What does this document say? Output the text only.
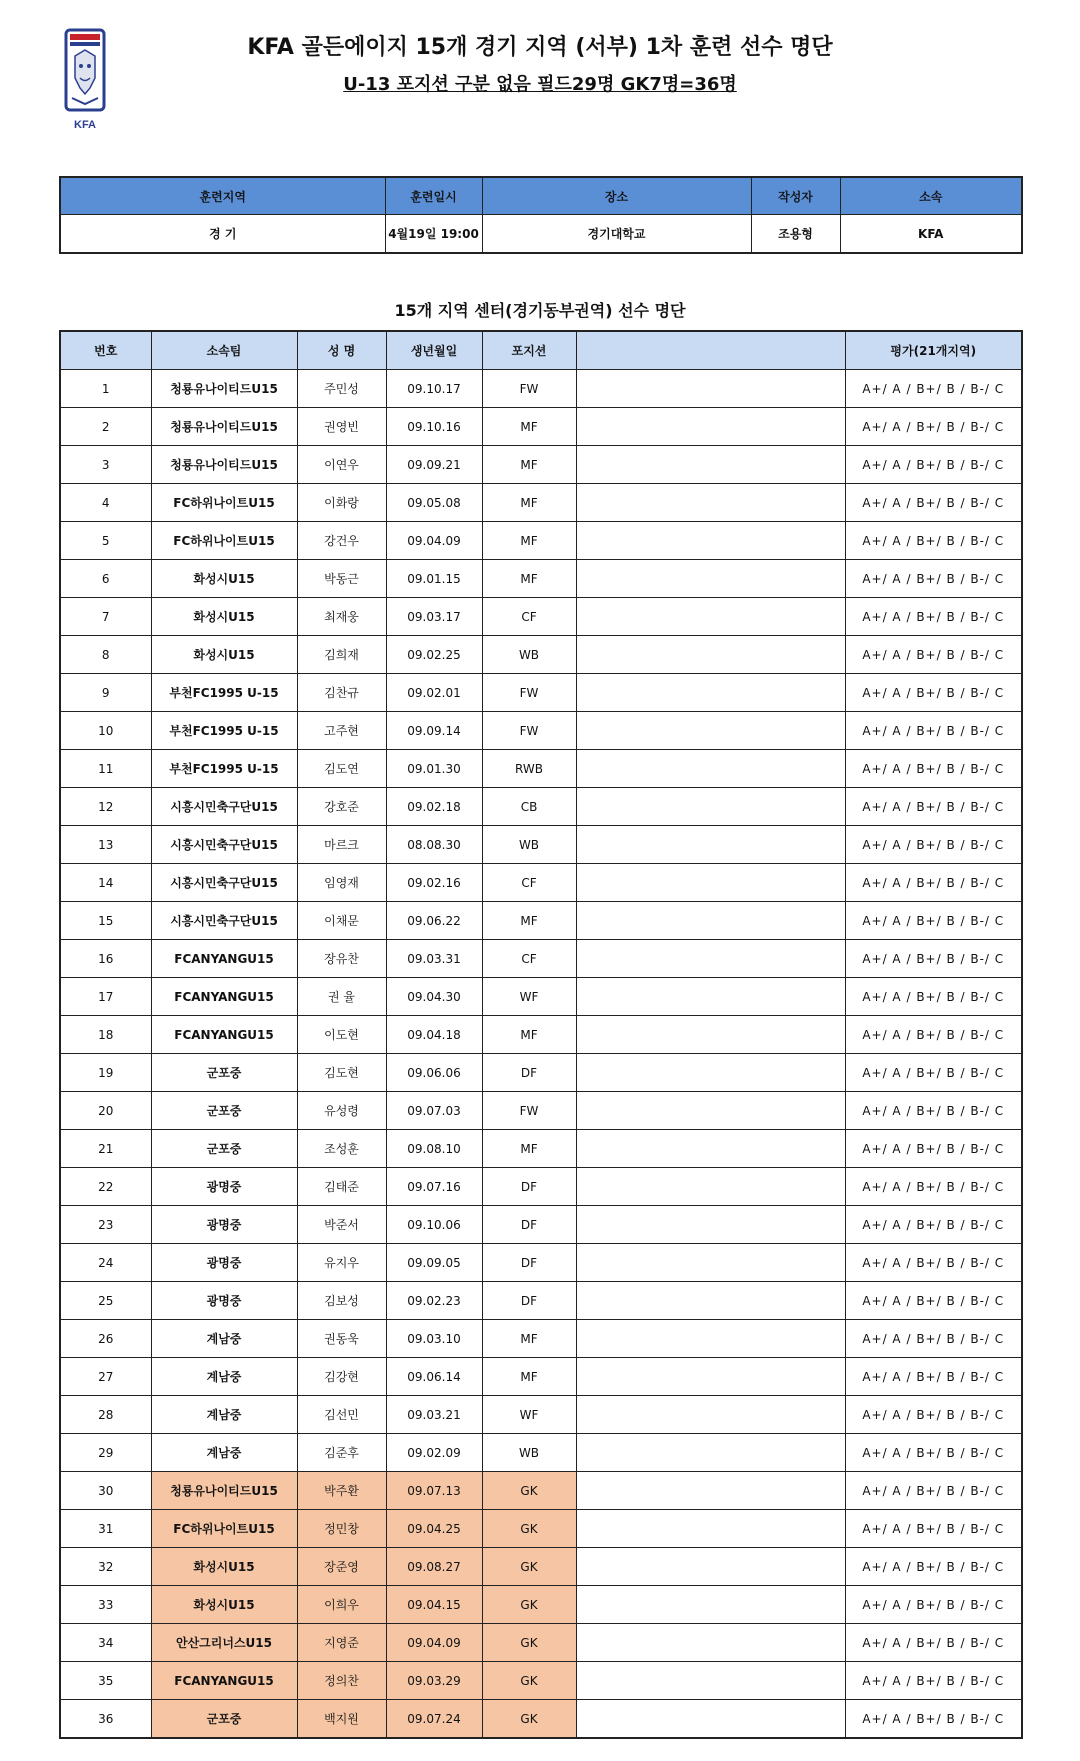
KFA
KFA 골든에이지 15개 경기 지역 (서부) 1차 훈련 선수 명단
U-13 포지션 구분 없음 필드29명 GK7명=36명
훈련지역	훈련일시	장소	작성자	소속
경 기	4월19일 19:00	경기대학교	조용형	KFA
15개 지역 센터(경기동부권역) 선수 명단
번호	소속팀	성 명	생년월일	포지션		평가(21개지역)
1	청룡유나이티드U15	주민성	09.10.17	FW		A+/ A / B+/ B / B-/ C
2	청룡유나이티드U15	권영빈	09.10.16	MF		A+/ A / B+/ B / B-/ C
3	청룡유나이티드U15	이연우	09.09.21	MF		A+/ A / B+/ B / B-/ C
4	FC하위나이트U15	이화랑	09.05.08	MF		A+/ A / B+/ B / B-/ C
5	FC하위나이트U15	강건우	09.04.09	MF		A+/ A / B+/ B / B-/ C
6	화성시U15	박동근	09.01.15	MF		A+/ A / B+/ B / B-/ C
7	화성시U15	최재웅	09.03.17	CF		A+/ A / B+/ B / B-/ C
8	화성시U15	김희재	09.02.25	WB		A+/ A / B+/ B / B-/ C
9	부천FC1995 U-15	김찬규	09.02.01	FW		A+/ A / B+/ B / B-/ C
10	부천FC1995 U-15	고주현	09.09.14	FW		A+/ A / B+/ B / B-/ C
11	부천FC1995 U-15	김도연	09.01.30	RWB		A+/ A / B+/ B / B-/ C
12	시흥시민축구단U15	강호준	09.02.18	CB		A+/ A / B+/ B / B-/ C
13	시흥시민축구단U15	마르크	08.08.30	WB		A+/ A / B+/ B / B-/ C
14	시흥시민축구단U15	임영재	09.02.16	CF		A+/ A / B+/ B / B-/ C
15	시흥시민축구단U15	이채문	09.06.22	MF		A+/ A / B+/ B / B-/ C
16	FCANYANGU15	장유찬	09.03.31	CF		A+/ A / B+/ B / B-/ C
17	FCANYANGU15	권 율	09.04.30	WF		A+/ A / B+/ B / B-/ C
18	FCANYANGU15	이도현	09.04.18	MF		A+/ A / B+/ B / B-/ C
19	군포중	김도현	09.06.06	DF		A+/ A / B+/ B / B-/ C
20	군포중	유성령	09.07.03	FW		A+/ A / B+/ B / B-/ C
21	군포중	조성훈	09.08.10	MF		A+/ A / B+/ B / B-/ C
22	광명중	김태준	09.07.16	DF		A+/ A / B+/ B / B-/ C
23	광명중	박준서	09.10.06	DF		A+/ A / B+/ B / B-/ C
24	광명중	유지우	09.09.05	DF		A+/ A / B+/ B / B-/ C
25	광명중	김보성	09.02.23	DF		A+/ A / B+/ B / B-/ C
26	계남중	권동욱	09.03.10	MF		A+/ A / B+/ B / B-/ C
27	계남중	김강현	09.06.14	MF		A+/ A / B+/ B / B-/ C
28	계남중	김선민	09.03.21	WF		A+/ A / B+/ B / B-/ C
29	계남중	김준후	09.02.09	WB		A+/ A / B+/ B / B-/ C
30	청룡유나이티드U15	박주환	09.07.13	GK		A+/ A / B+/ B / B-/ C
31	FC하위나이트U15	정민창	09.04.25	GK		A+/ A / B+/ B / B-/ C
32	화성시U15	장준영	09.08.27	GK		A+/ A / B+/ B / B-/ C
33	화성시U15	이희우	09.04.15	GK		A+/ A / B+/ B / B-/ C
34	안산그리너스U15	지영준	09.04.09	GK		A+/ A / B+/ B / B-/ C
35	FCANYANGU15	정의찬	09.03.29	GK		A+/ A / B+/ B / B-/ C
36	군포중	백지원	09.07.24	GK		A+/ A / B+/ B / B-/ C
